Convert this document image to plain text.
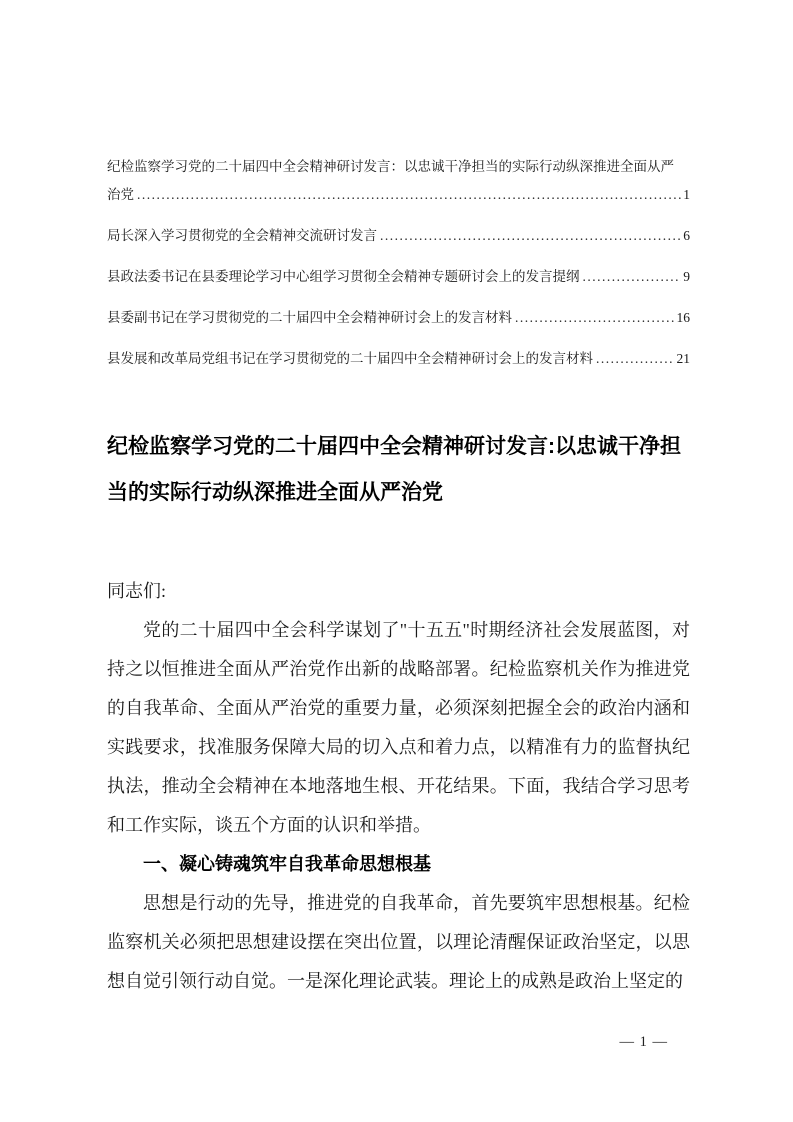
纪检监察学习党的二十届四中全会精神研讨发言：以忠诚干净担当的实际行动纵深推进全面从严
治党 .....	1
局长深入学习贯彻党的全会精神交流研讨发言 .....	6
县政法委书记在县委理论学习中心组学习贯彻全会精神专题研讨会上的发言提纲 .....	9
县委副书记在学习贯彻党的二十届四中全会精神研讨会上的发言材料 .....	16
县发展和改革局党组书记在学习贯彻党的二十届四中全会精神研讨会上的发言材料 .....	21
纪检监察学习党的二十届四中全会精神研讨发言:以忠诚干净担
当的实际行动纵深推进全面从严治党
同志们:
党的二十届四中全会科学谋划了"十五五"时期经济社会发展蓝图，对持之以恒推进全面从严治党作出新的战略部署。纪检监察机关作为推进党的自我革命、全面从严治党的重要力量，必须深刻把握全会的政治内涵和实践要求，找准服务保障大局的切入点和着力点，以精准有力的监督执纪执法，推动全会精神在本地落地生根、开花结果。下面，我结合学习思考和工作实际，谈五个方面的认识和举措。
一、凝心铸魂筑牢自我革命思想根基
思想是行动的先导，推进党的自我革命，首先要筑牢思想根基。纪检监察机关必须把思想建设摆在突出位置，以理论清醒保证政治坚定，以思想自觉引领行动自觉。一是深化理论武装。理论上的成熟是政治上坚定的
— 1 —
